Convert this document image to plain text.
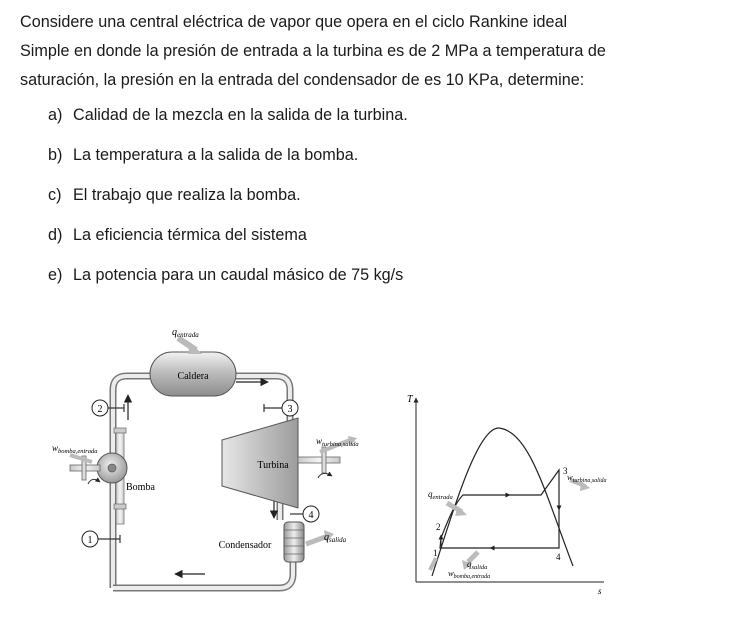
Considere una central eléctrica de vapor que opera en el ciclo Rankine ideal

Simple en donde la presión de entrada a la turbina es de 2 MPa a temperatura de

saturación, la presión en la entrada del condensador de es 10 KPa, determine:

a) Calidad de la mezcla en la salida de la turbina.
b) La temperatura a la salida de la bomba.
c) El trabajo que realiza la bomba.
d) La eficiencia térmica del sistema
e) La potencia para un caudal másico de 75 kg/s
Caldera
$q_{entrada}$
3
2
1
4
Turbina
$w_{turbina,salida}$
Condensador
$q_{salida}$
Bomba
$w_{bomba,entrada}$
T
s
3
4
2
1
$q_{entrada}$
$w_{turbina,salida}$
$q_{salida}$
$w_{bomba,entrada}$
